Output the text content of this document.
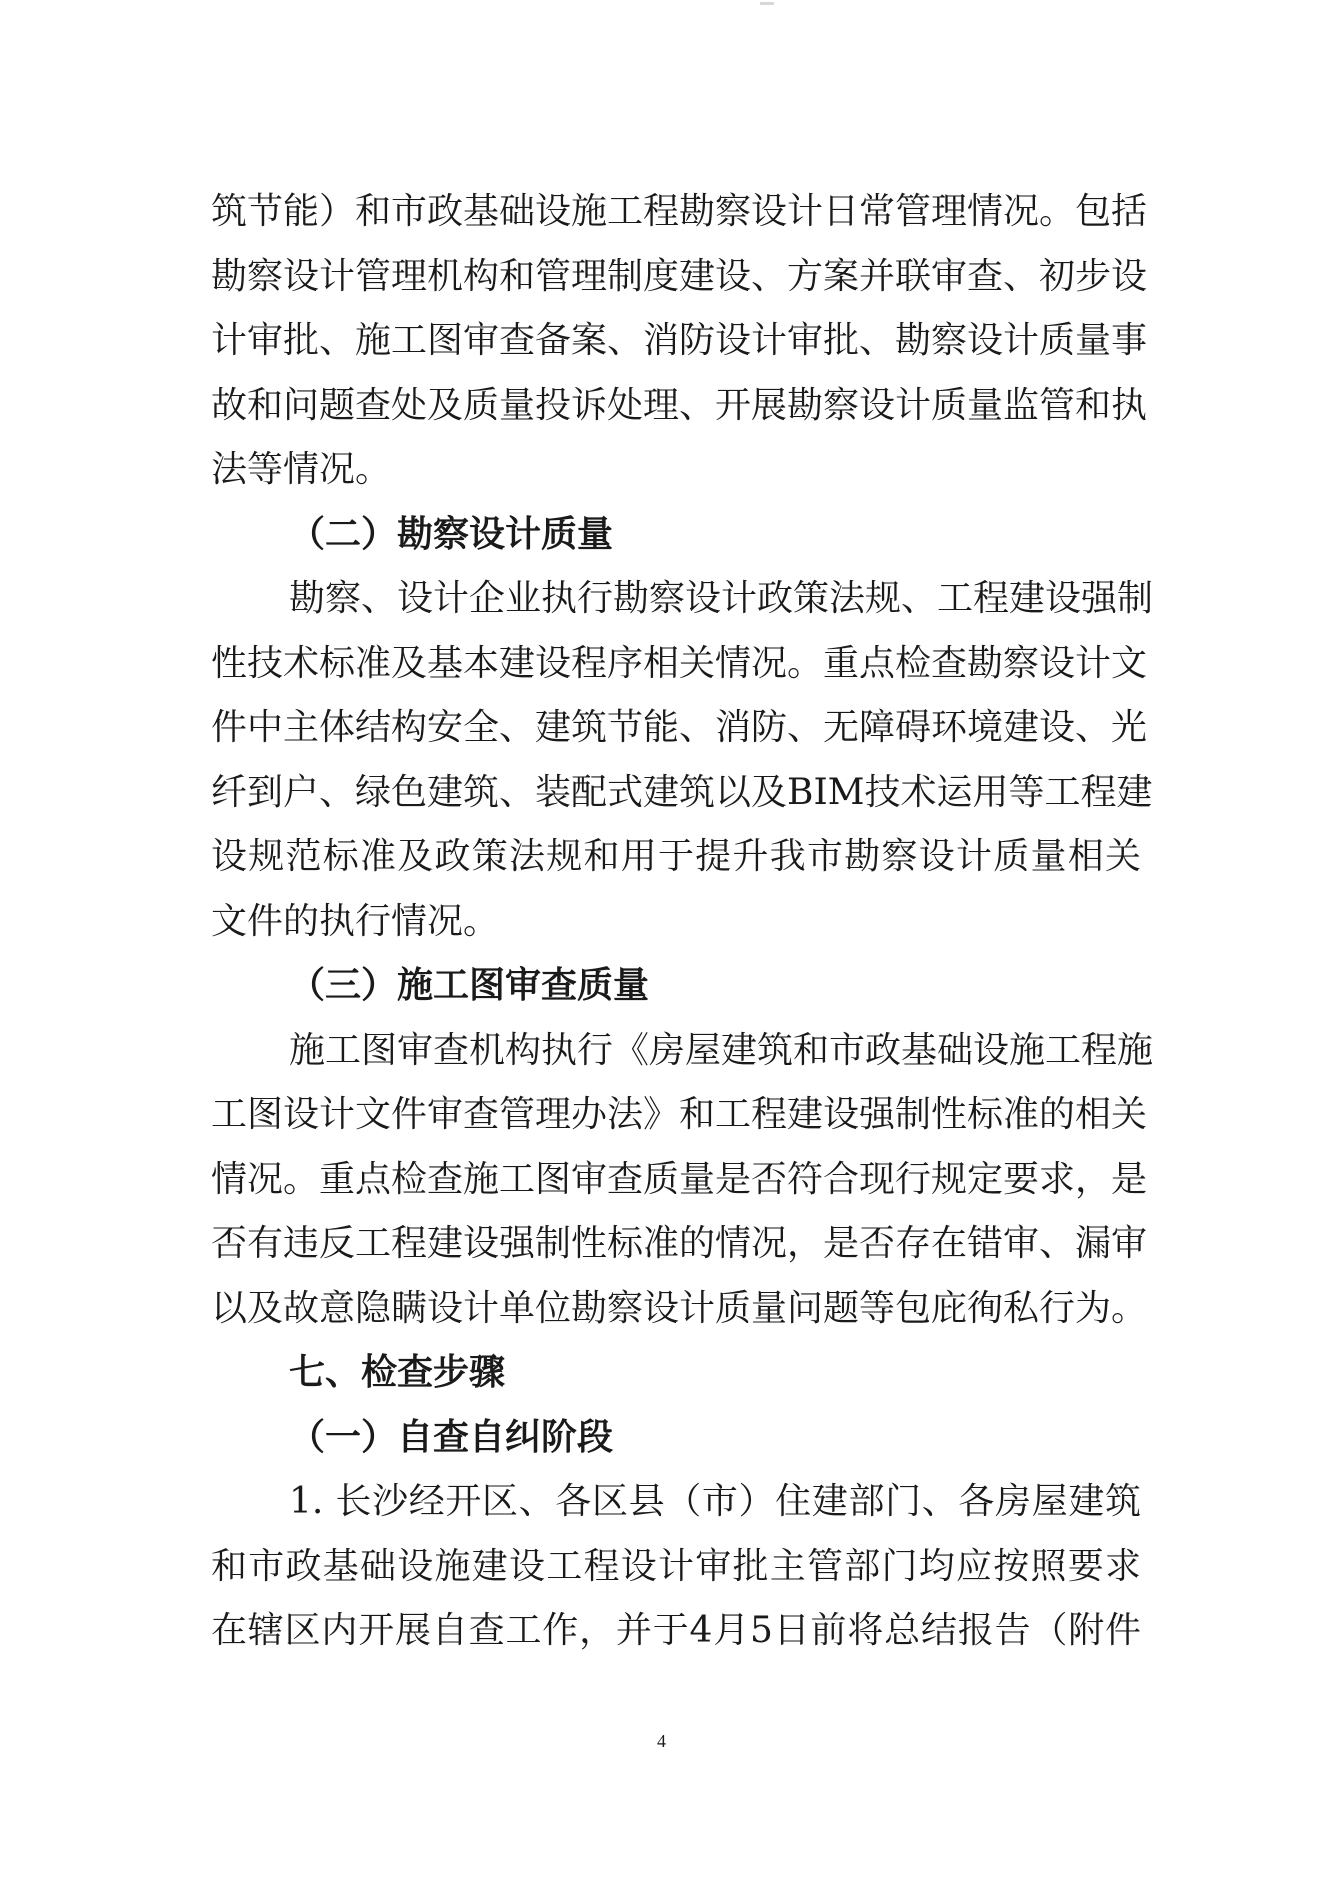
筑节能）和市政基础设施工程勘察设计日常管理情况。包括
勘察设计管理机构和管理制度建设、方案并联审查、初步设
计审批、施工图审查备案、消防设计审批、勘察设计质量事
故和问题查处及质量投诉处理、开展勘察设计质量监管和执
法等情况。
（二）勘察设计质量
勘察、设计企业执行勘察设计政策法规、工程建设强制
性技术标准及基本建设程序相关情况。重点检查勘察设计文
件中主体结构安全、建筑节能、消防、无障碍环境建设、光
纤到户、绿色建筑、装配式建筑以及BIM技术运用等工程建
设规范标准及政策法规和用于提升我市勘察设计质量相关
文件的执行情况。
（三）施工图审查质量
施工图审查机构执行《房屋建筑和市政基础设施工程施
工图设计文件审查管理办法》和工程建设强制性标准的相关
情况。重点检查施工图审查质量是否符合现行规定要求，是
否有违反工程建设强制性标准的情况，是否存在错审、漏审
以及故意隐瞒设计单位勘察设计质量问题等包庇徇私行为。
七、检查步骤
（一）自查自纠阶段
1. 长沙经开区、各区县（市）住建部门、各房屋建筑
和市政基础设施建设工程设计审批主管部门均应按照要求
在辖区内开展自查工作，并于4月5日前将总结报告（附件
4
